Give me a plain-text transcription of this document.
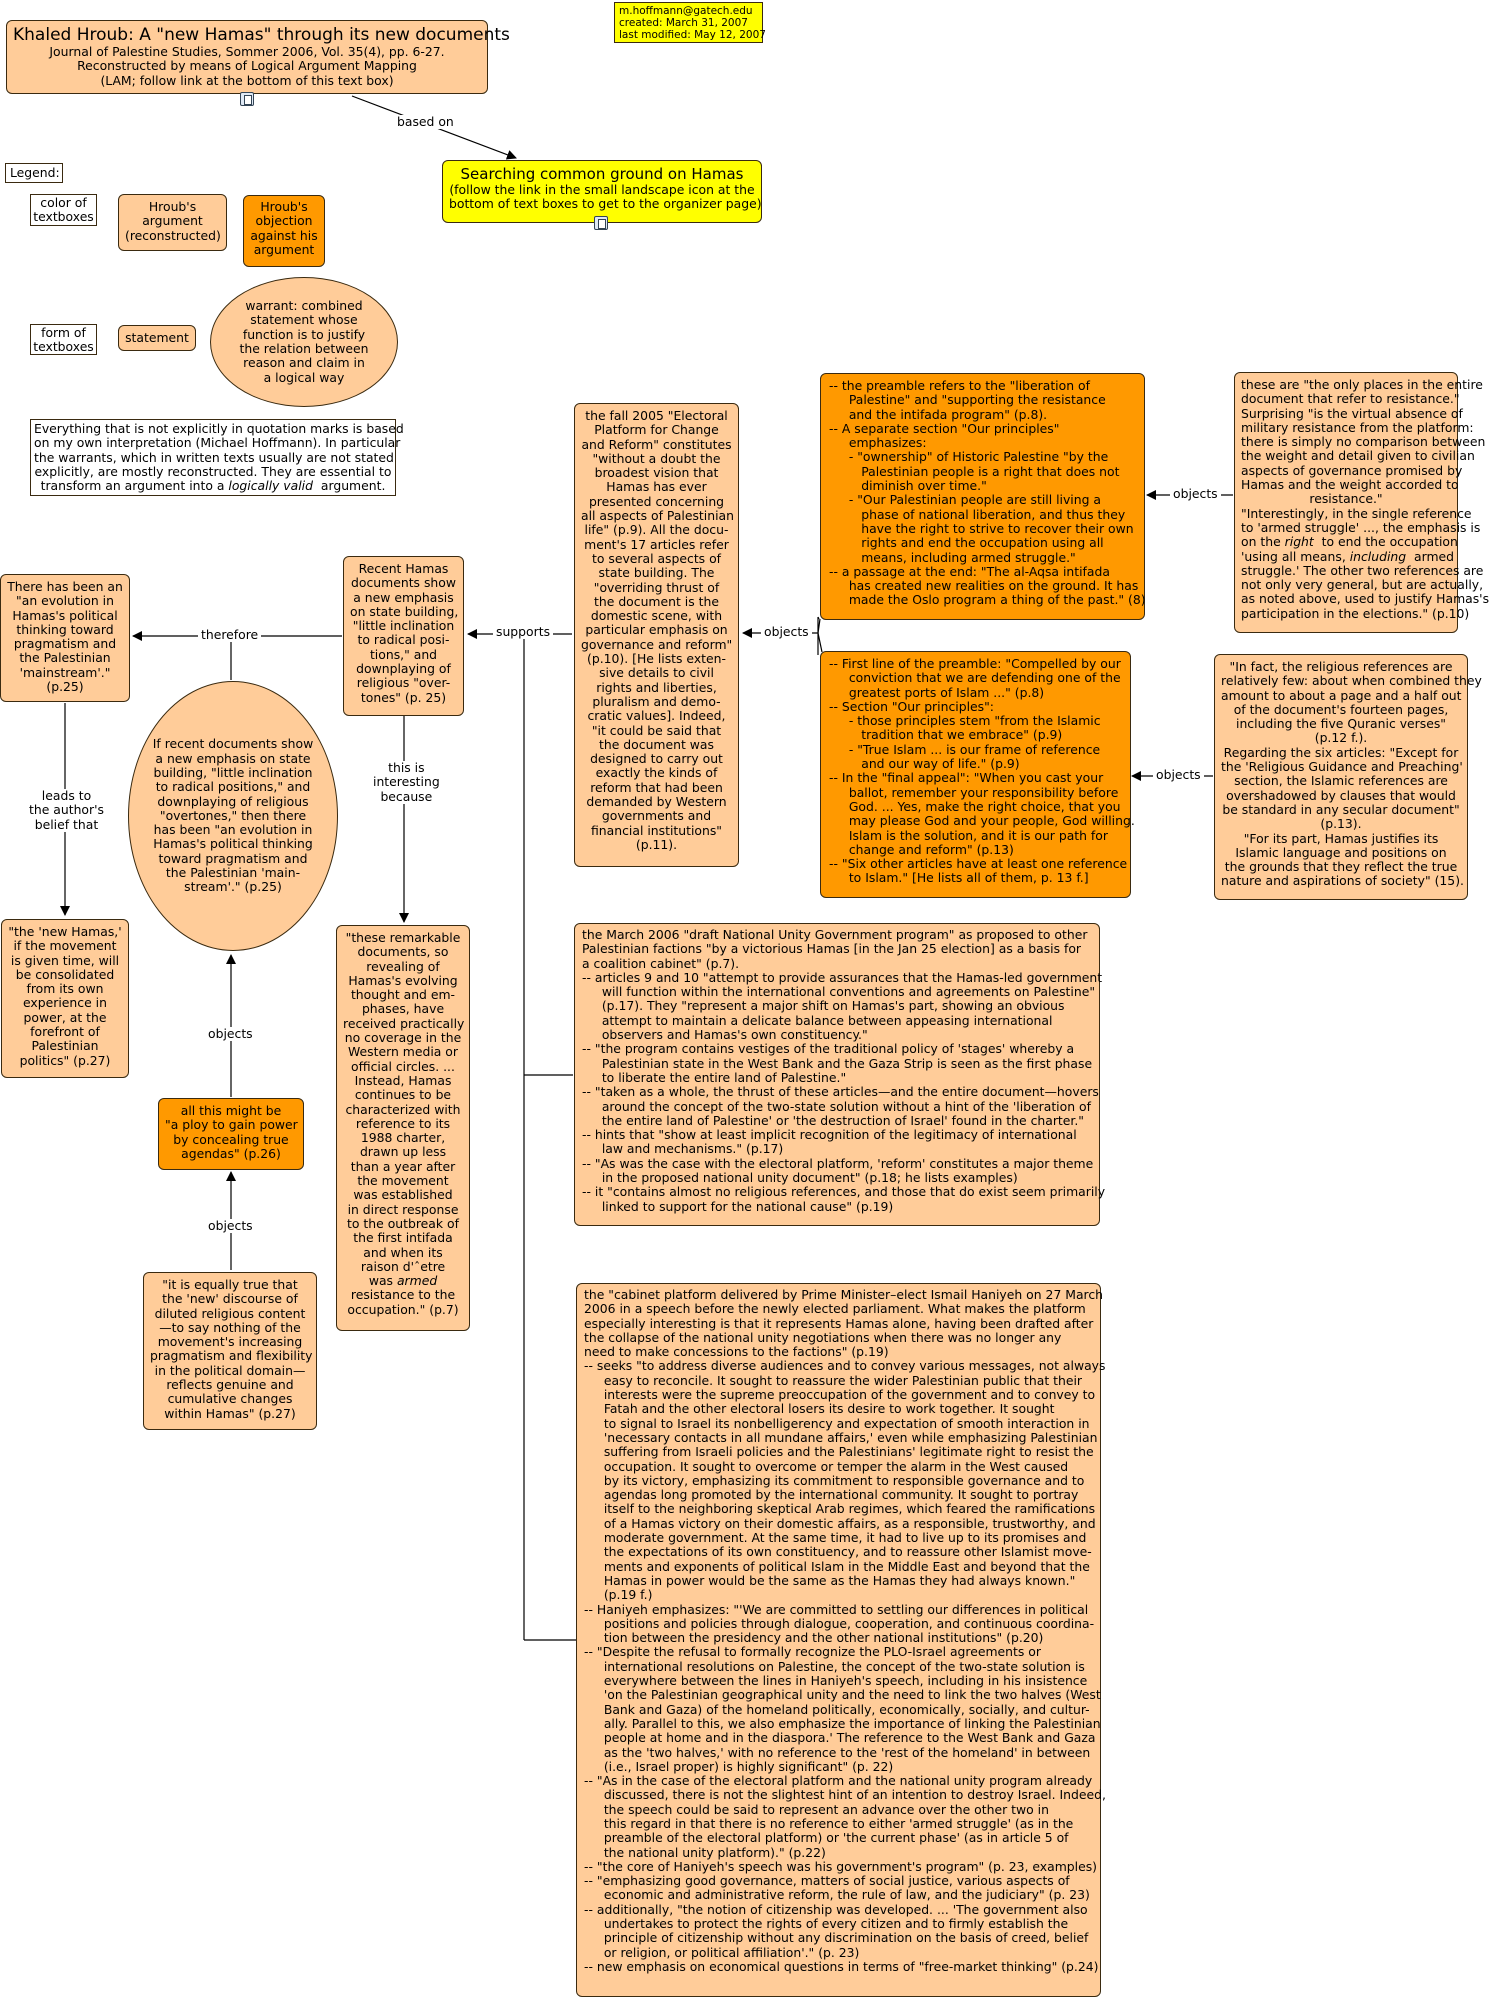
Khaled Hroub: A "new Hamas" through its new documents
Journal of Palestine Studies, Sommer 2006, Vol. 35(4), pp. 6-27.
Reconstructed by means of Logical Argument Mapping
(LAM; follow link at the bottom of this text box)
m.hoffmann@gatech.edu
created: March 31, 2007
last modified: May 12, 2007
Searching common ground on Hamas
(follow the link in the small landscape icon at the
bottom of text boxes to get to the organizer page)
based on
Legend:
color of
textboxes
Hroub's
argument
(reconstructed)
Hroub's
objection
against his
argument
form of
textboxes
statement
warrant: combined
statement whose
function is to justify
the relation between
reason and claim in
a logical way
Everything that is not explicitly in quotation marks is based
on my own interpretation (Michael Hoffmann). In particular
the warrants, which in written texts usually are not stated
explicitly, are mostly reconstructed. They are essential to
transform an argument into a logically valid  argument.
There has been an
"an evolution in
Hamas's political
thinking toward
pragmatism and
the Palestinian
'mainstream'."
(p.25)
leads to
the author's
belief that
"the 'new Hamas,'
if the movement
is given time, will
be consolidated
from its own
experience in
power, at the
forefront of
Palestinian
politics" (p.27)
therefore
If recent documents show
a new emphasis on state
building, "little inclination
to radical positions," and
downplaying of religious
"overtones," then there
has been "an evolution in
Hamas's political thinking
toward pragmatism and
the Palestinian 'main-
stream'." (p.25)
objects
all this might be
"a ploy to gain power
by concealing true
agendas" (p.26)
objects
"it is equally true that
the 'new' discourse of
diluted religious content
—to say nothing of the
movement's increasing
pragmatism and flexibility
in the political domain—
reflects genuine and
cumulative changes
within Hamas" (p.27)
Recent Hamas
documents show
a new emphasis
on state building,
"little inclination
to radical posi-
tions," and
downplaying of
religious "over-
tones" (p. 25)
this is
interesting
because
"these remarkable
documents, so
revealing of
Hamas's evolving
thought and em-
phases, have
received practically
no coverage in the
Western media or
official circles. ...
Instead, Hamas
continues to be
characterized with
reference to its
1988 charter,
drawn up less
than a year after
the movement
was established
in direct response
to the outbreak of
the first intifada
and when its
raison d'ˆetre
was armed
resistance to the
occupation." (p.7)
supports
the fall 2005 "Electoral
Platform for Change
and Reform" constitutes
"without a doubt the
broadest vision that
Hamas has ever
presented concerning
all aspects of Palestinian
life" (p.9). All the docu-
ment's 17 articles refer
to several aspects of
state building. The
"overriding thrust of
the document is the
domestic scene, with
particular emphasis on
governance and reform"
(p.10). [He lists exten-
sive details to civil
rights and liberties,
pluralism and demo-
cratic values]. Indeed,
"it could be said that
the document was
designed to carry out
exactly the kinds of
reform that had been
demanded by Western
governments and
financial institutions"
(p.11).
objects
-- the preamble refers to the "liberation of
Palestine" and "supporting the resistance
and the intifada program" (p.8).
-- A separate section "Our principles"
emphasizes:
- "ownership" of Historic Palestine "by the
Palestinian people is a right that does not
diminish over time."
- "Our Palestinian people are still living a
phase of national liberation, and thus they
have the right to strive to recover their own
rights and end the occupation using all
means, including armed struggle."
-- a passage at the end: "The al-Aqsa intifada
has created new realities on the ground. It has
made the Oslo program a thing of the past." (8)
objects
these are "the only places in the entire
document that refer to resistance."
Surprising "is the virtual absence of
military resistance from the platform:
there is simply no comparison between
the weight and detail given to civilian
aspects of governance promised by
Hamas and the weight accorded to
resistance."
"Interestingly, in the single reference
to 'armed struggle' ..., the emphasis is
on the right  to end the occupation
'using all means, including  armed
struggle.' The other two references are
not only very general, but are actually,
as noted above, used to justify Hamas's
participation in the elections." (p.10)
-- First line of the preamble: "Compelled by our
conviction that we are defending one of the
greatest ports of Islam ..." (p.8)
-- Section "Our principles":
- those principles stem "from the Islamic
tradition that we embrace" (p.9)
- "True Islam ... is our frame of reference
and our way of life." (p.9)
-- In the "final appeal": "When you cast your
ballot, remember your responsibility before
God. ... Yes, make the right choice, that you
may please God and your people, God willing.
Islam is the solution, and it is our path for
change and reform" (p.13)
-- "Six other articles have at least one reference
to Islam." [He lists all of them, p. 13 f.]
objects
"In fact, the religious references are
relatively few: about when combined they
amount to about a page and a half out
of the document's fourteen pages,
including the five Quranic verses"
(p.12 f.).
Regarding the six articles: "Except for
the 'Religious Guidance and Preaching'
section, the Islamic references are
overshadowed by clauses that would
be standard in any secular document"
(p.13).
"For its part, Hamas justifies its
Islamic language and positions on
the grounds that they reflect the true
nature and aspirations of society" (15).
the March 2006 "draft National Unity Government program" as proposed to other
Palestinian factions "by a victorious Hamas [in the Jan 25 election] as a basis for
a coalition cabinet" (p.7).
-- articles 9 and 10 "attempt to provide assurances that the Hamas-led government
will function within the international conventions and agreements on Palestine"
(p.17). They "represent a major shift on Hamas's part, showing an obvious
attempt to maintain a delicate balance between appeasing international
observers and Hamas's own constituency."
-- "the program contains vestiges of the traditional policy of 'stages' whereby a
Palestinian state in the West Bank and the Gaza Strip is seen as the first phase
to liberate the entire land of Palestine."
-- "taken as a whole, the thrust of these articles—and the entire document—hovers
around the concept of the two-state solution without a hint of the 'liberation of
the entire land of Palestine' or 'the destruction of Israel' found in the charter."
-- hints that "show at least implicit recognition of the legitimacy of international
law and mechanisms." (p.17)
-- "As was the case with the electoral platform, 'reform' constitutes a major theme
in the proposed national unity document" (p.18; he lists examples)
-- it "contains almost no religious references, and those that do exist seem primarily
linked to support for the national cause" (p.19)
the "cabinet platform delivered by Prime Minister–elect Ismail Haniyeh on 27 March
2006 in a speech before the newly elected parliament. What makes the platform
especially interesting is that it represents Hamas alone, having been drafted after
the collapse of the national unity negotiations when there was no longer any
need to make concessions to the factions" (p.19)
-- seeks "to address diverse audiences and to convey various messages, not always
easy to reconcile. It sought to reassure the wider Palestinian public that their
interests were the supreme preoccupation of the government and to convey to
Fatah and the other electoral losers its desire to work together. It sought
to signal to Israel its nonbelligerency and expectation of smooth interaction in
'necessary contacts in all mundane affairs,' even while emphasizing Palestinian
suffering from Israeli policies and the Palestinians' legitimate right to resist the
occupation. It sought to overcome or temper the alarm in the West caused
by its victory, emphasizing its commitment to responsible governance and to
agendas long promoted by the international community. It sought to portray
itself to the neighboring skeptical Arab regimes, which feared the ramifications
of a Hamas victory on their domestic affairs, as a responsible, trustworthy, and
moderate government. At the same time, it had to live up to its promises and
the expectations of its own constituency, and to reassure other Islamist move-
ments and exponents of political Islam in the Middle East and beyond that the
Hamas in power would be the same as the Hamas they had always known."
(p.19 f.)
-- Haniyeh emphasizes: "'We are committed to settling our differences in political
positions and policies through dialogue, cooperation, and continuous coordina-
tion between the presidency and the other national institutions" (p.20)
-- "Despite the refusal to formally recognize the PLO-Israel agreements or
international resolutions on Palestine, the concept of the two-state solution is
everywhere between the lines in Haniyeh's speech, including in his insistence
'on the Palestinian geographical unity and the need to link the two halves (West
Bank and Gaza) of the homeland politically, economically, socially, and cultur-
ally. Parallel to this, we also emphasize the importance of linking the Palestinian
people at home and in the diaspora.' The reference to the West Bank and Gaza
as the 'two halves,' with no reference to the 'rest of the homeland' in between
(i.e., Israel proper) is highly significant" (p. 22)
-- "As in the case of the electoral platform and the national unity program already
discussed, there is not the slightest hint of an intention to destroy Israel. Indeed,
the speech could be said to represent an advance over the other two in
this regard in that there is no reference to either 'armed struggle' (as in the
preamble of the electoral platform) or 'the current phase' (as in article 5 of
the national unity platform)." (p.22)
-- "the core of Haniyeh's speech was his government's program" (p. 23, examples)
-- "emphasizing good governance, matters of social justice, various aspects of
economic and administrative reform, the rule of law, and the judiciary" (p. 23)
-- additionally, "the notion of citizenship was developed. ... 'The government also
undertakes to protect the rights of every citizen and to firmly establish the
principle of citizenship without any discrimination on the basis of creed, belief
or religion, or political affiliation'." (p. 23)
-- new emphasis on economical questions in terms of "free-market thinking" (p.24)
